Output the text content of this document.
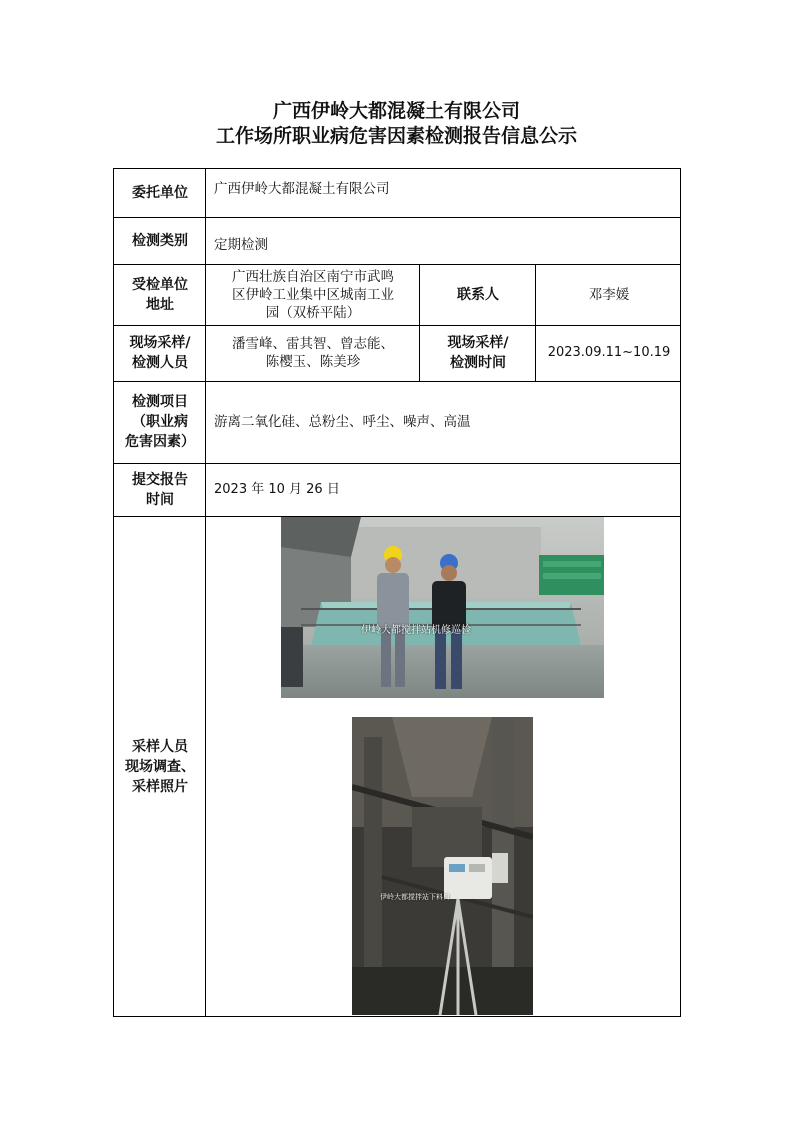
广西伊岭大都混凝土有限公司
工作场所职业病危害因素检测报告信息公示
委托单位 广西伊岭大都混凝土有限公司
检测类别 定期检测
受检单位
地址
广西壮族自治区南宁市武鸣
区伊岭工业集中区城南工业
园（双桥平陆）
联系人	邓李媛
现场采样/
检测人员
潘雪峰、雷其智、曾志能、
陈樱玉、陈美珍
现场采样/
检测时间
2023.09.11~10.19
检测项目
（职业病
危害因素）
游离二氧化硅、总粉尘、呼尘、噪声、高温
提交报告
时间
2023 年 10 月 26 日
采样人员
现场调查、
采样照片
伊岭大都搅拌站机修巡检
伊岭大都搅拌站下料口
